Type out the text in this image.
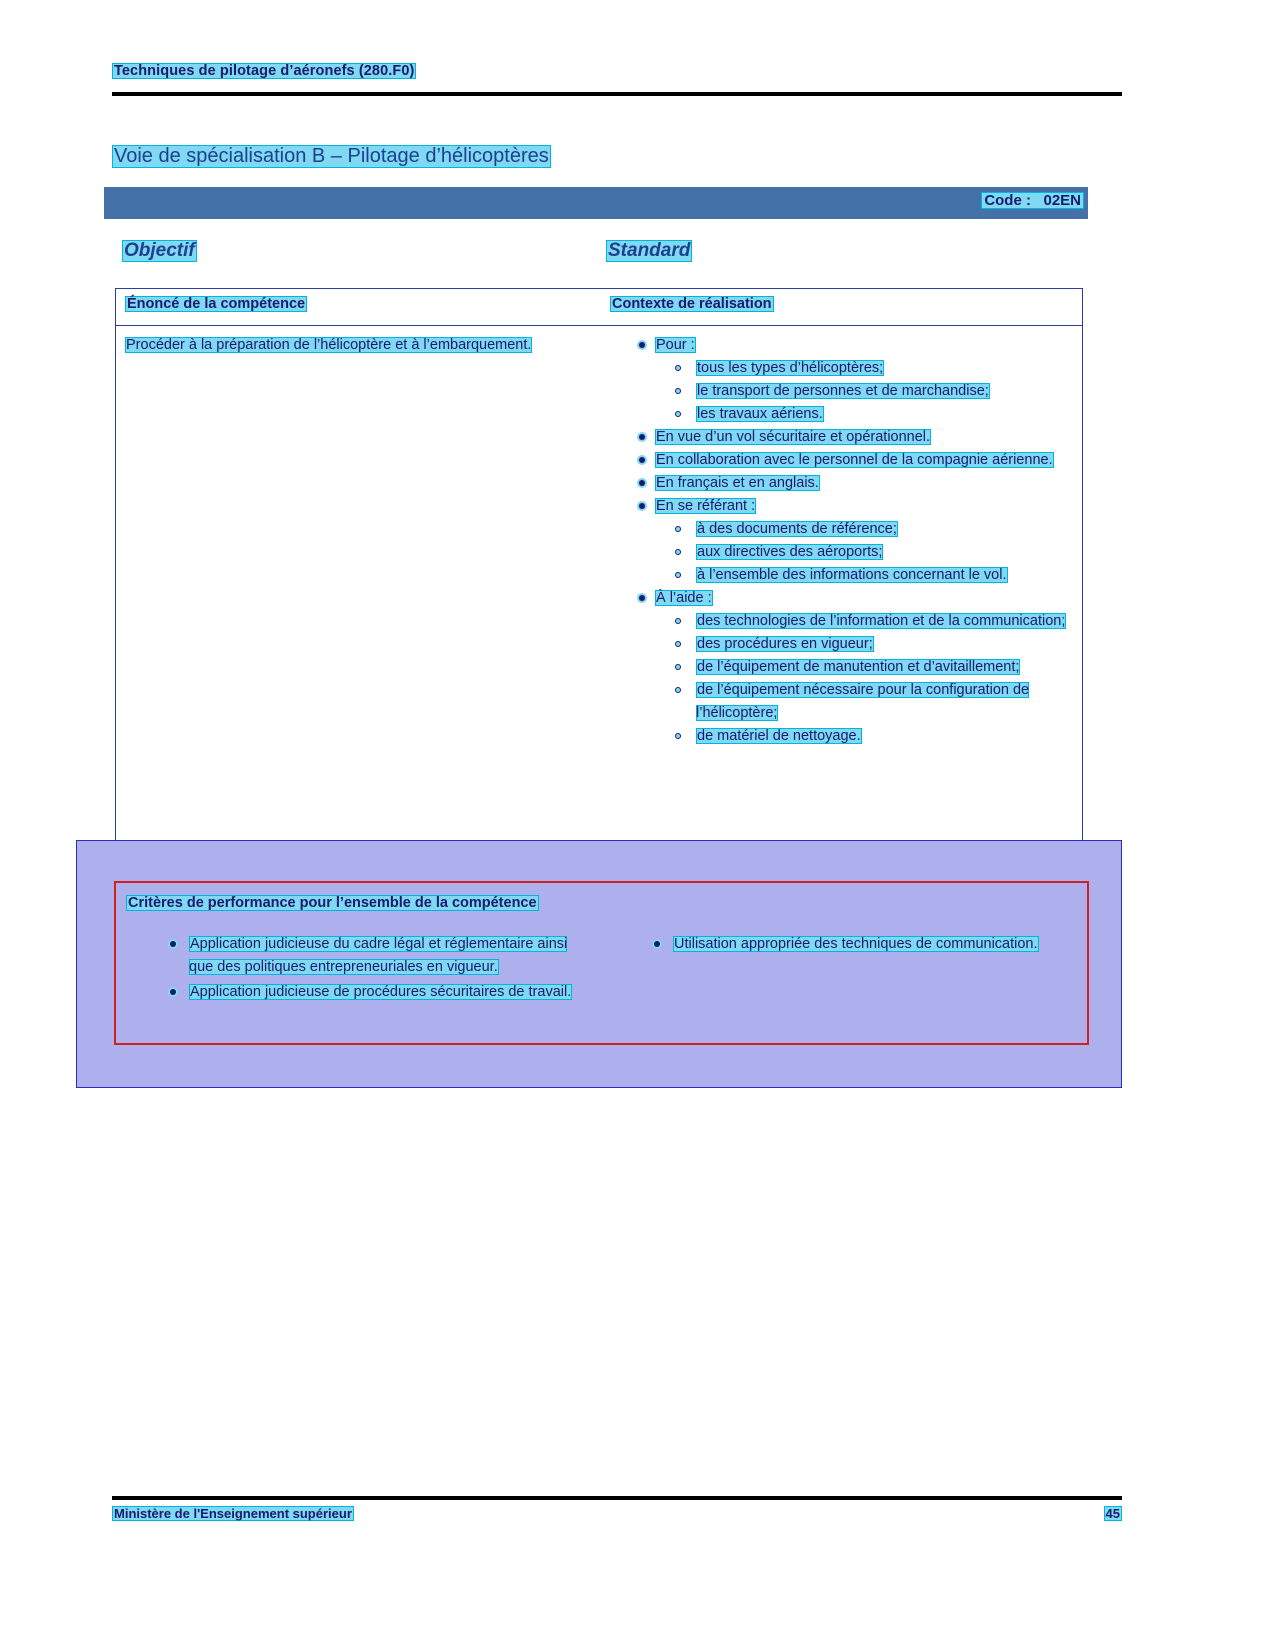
Techniques de pilotage d’aéronefs (280.F0)
Voie de spécialisation B – Pilotage d’hélicoptères
Code :   02EN
Objectif	Standard
Énoncé de la compétence	Contexte de réalisation
Procéder à la préparation de l’hélicoptère et à l’embarquement.	Pour :
tous les types d’hélicoptères;
le transport de personnes et de marchandise;
les travaux aériens.
En vue d’un vol sécuritaire et opérationnel.
En collaboration avec le personnel de la compagnie aérienne.
En français et en anglais.
En se référant :
à des documents de référence;
aux directives des aéroports;
à l’ensemble des informations concernant le vol.
À l’aide :
des technologies de l’information et de la communication;
des procédures en vigueur;
de l’équipement de manutention et d’avitaillement;
de l’équipement nécessaire pour la configuration de l’hélicoptère;
de matériel de nettoyage.
Critères de performance pour l’ensemble de la compétence
Application judicieuse du cadre légal et réglementaire ainsi que des politiques entrepreneuriales en vigueur.
Application judicieuse de procédures sécuritaires de travail.
Utilisation appropriée des techniques de communication.
Ministère de l'Enseignement supérieur	45
